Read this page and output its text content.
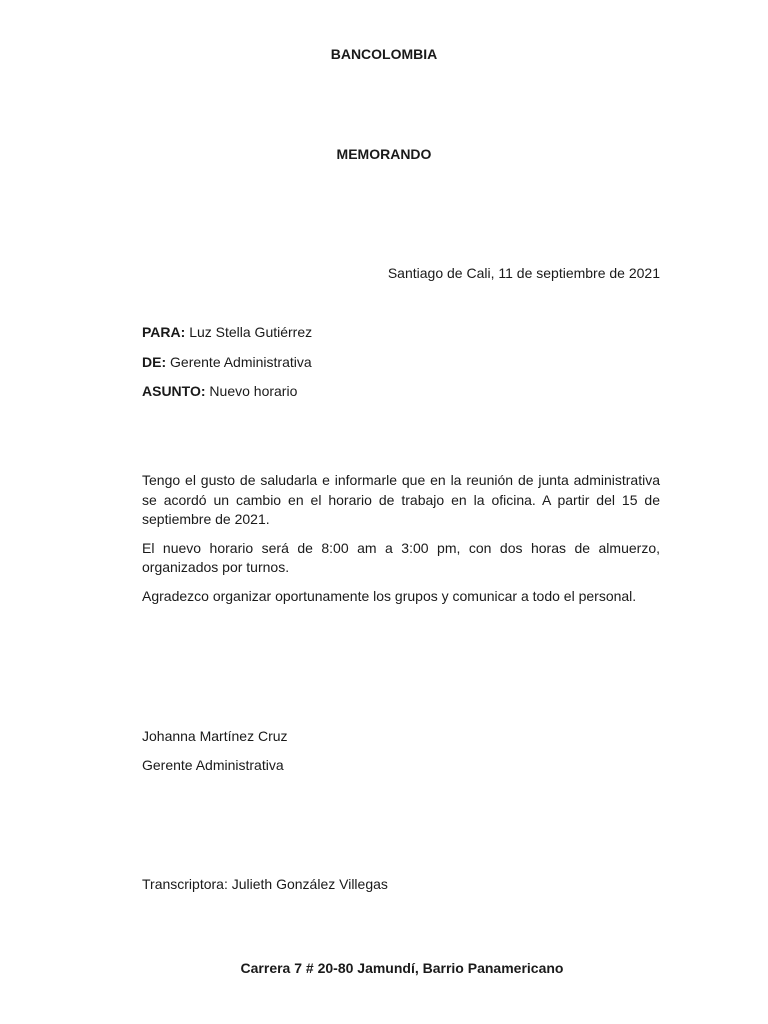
BANCOLOMBIA
MEMORANDO
Santiago de Cali, 11 de septiembre de 2021
PARA: Luz Stella Gutiérrez
DE: Gerente Administrativa
ASUNTO: Nuevo horario

Tengo el gusto de saludarla e informarle que en la reunión de junta administrativa se acordó un cambio en el horario de trabajo en la oficina. A partir del 15 de septiembre de 2021.

El nuevo horario será de 8:00 am a 3:00 pm, con dos horas de almuerzo, organizados por turnos.

Agradezco organizar oportunamente los grupos y comunicar a todo el personal.

Johanna Martínez Cruz
Gerente Administrativa
Transcriptora: Julieth González Villegas
Carrera 7 # 20-80 Jamundí, Barrio Panamericano
